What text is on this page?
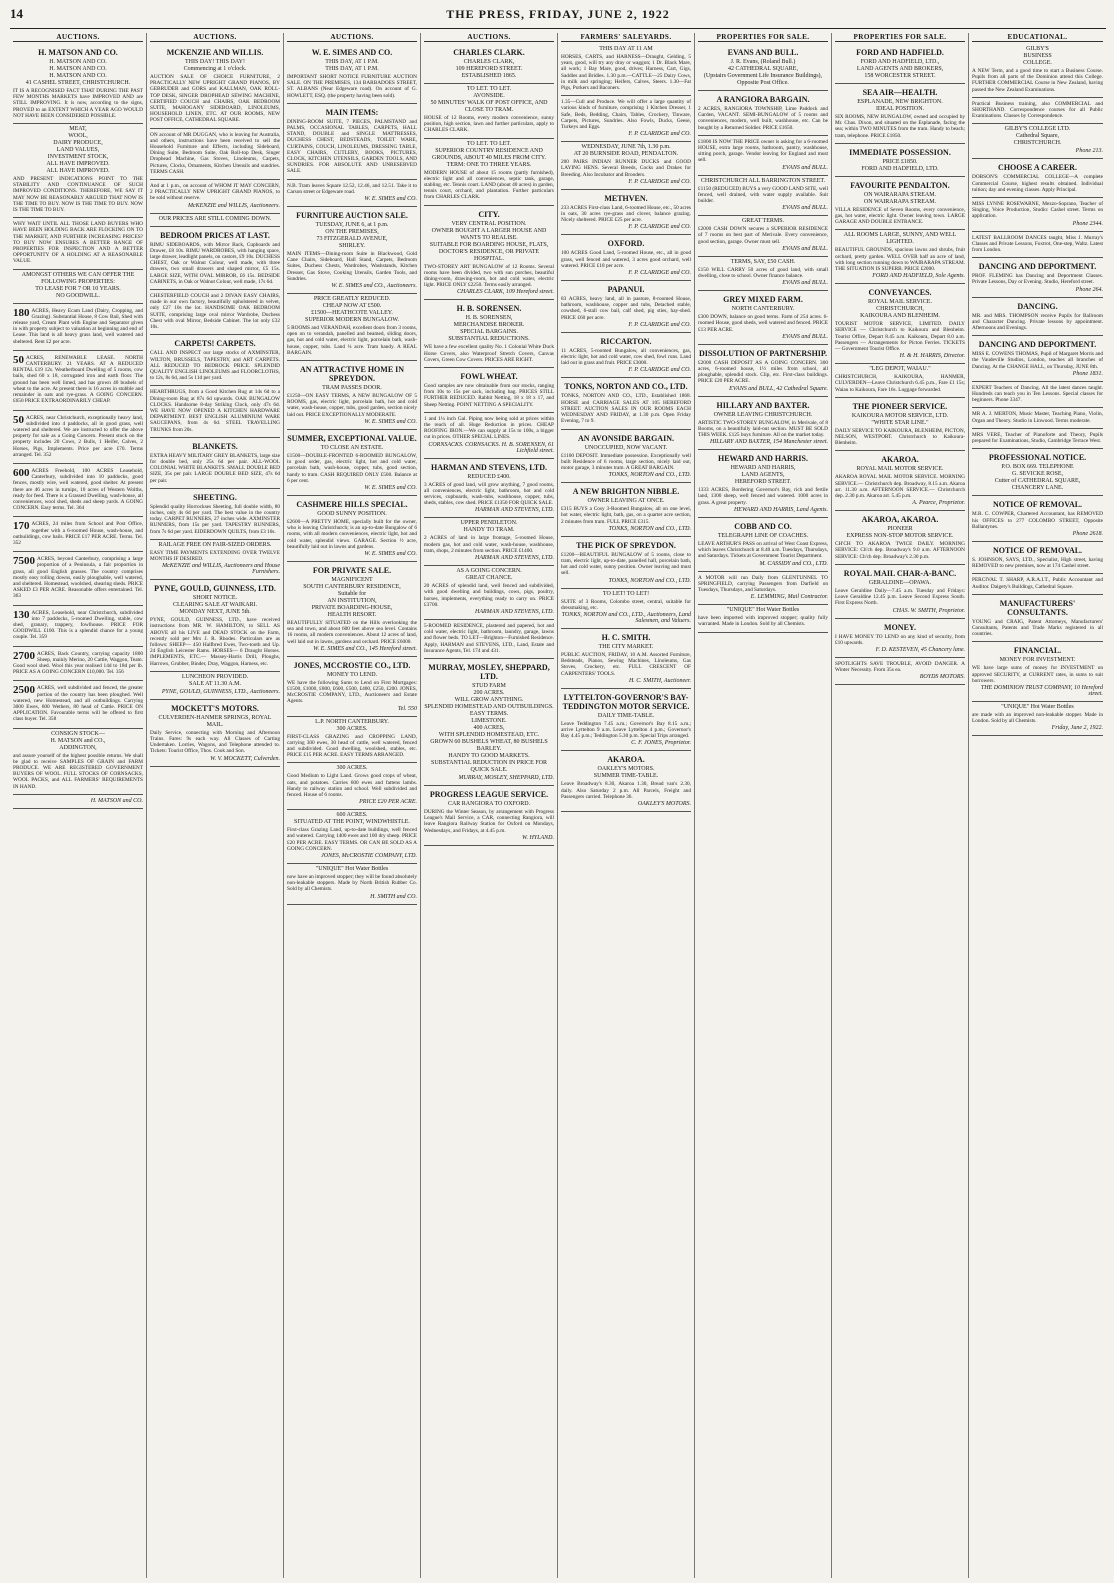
14	THE PRESS, FRIDAY, JUNE 2, 1922
AUCTIONS.
H. MATSON AND CO.
H. MATSON AND CO.
H. MATSON AND CO.
H. MATSON AND CO.
41 CASHEL STREET, CHRISTCHURCH.
IT IS A RECOGNISED FACT THAT DURING THE PAST FEW MONTHS MARKETS have IMPROVED AND are STILL IMPROVING. It is now, according to the signs, PROVED to an EXTENT WHICH A YEAR AGO WOULD NOT HAVE BEEN CONSIDERED POSSIBLE.
MEAT,
WOOL,
DAIRY PRODUCE,
LAND VALUES,
INVESTMENT STOCK,
ALL HAVE IMPROVED.
ALL HAVE IMPROVED.
AND PRESENT INDICATIONS POINT TO THE STABILITY AND CONTINUANCE OF SUCH IMPROVED CONDITIONS. THEREFORE, WE SAY IT MAY NOW BE REASONABLY ARGUED THAT NOW IS THE TIME TO BUY. NOW IS THE TIME TO BUY. NOW IS THE TIME TO BUY.
WHY WAIT UNTIL ALL THOSE LAND BUYERS WHO HAVE BEEN HOLDING BACK ARE FLOCKING ON TO THE MARKET, AND FURTHER INCREASING PRICES? TO BUY NOW ENSURES A BETTER RANGE OF PROPERTIES FOR INSPECTION AND A BETTER OPPORTUNITY OF A HOLDING AT A REASONABLE VALUE.
AMONGST OTHERS WE CAN OFFER THE FOLLOWING PROPERTIES:
TO LEASE FOR 7 OR 10 YEARS.
NO GOODWILL.
180 ACRES, Heavy Ecam Land (Dairy, Cropping, and Grazing). Substantial House, 8 Cow Bail, Shed with release yard, Cream Plant with Engine and Separator given in with property subject to valuation at beginning and end of Lease. This land is all heavy grass land, well watered and sheltered. Rent £2 per acre.
50 ACRES, RENEWABLE LEASE. NORTH CANTERBURY. 21 YEARS. AT A REDUCED RENTAL £19 12s. Weatherboard Dwelling of 5 rooms, cow bails, shed 60 x 18, corrugated iron and earth floor. The ground has been well limed, and has grown 40 bushels of wheat to the acre. At present there is 16 acres in stubble and remainder in oats and rye-grass. A GOING CONCERN. £650 PRICE EXTRAORDINARILY CHEAP.
50 ACRES, near Christchurch, exceptionally heavy land, subdivided into 4 paddocks, all in good grass, well watered and sheltered. We are instructed to offer the above property for sale as a Going Concern. Present stock on the property includes 20 Cows, 2 Bulls, 1 Heifer, Calves, 2 Horses, Pigs, Implements. Price per acre £70. Terms arranged. Tel. 352
600 ACRES Freehold, 100 ACRES Leasehold, Canterbury, subdivided into 10 paddocks, good fences, mostly wire, well watered, good shelter. At present there are 46 acres in turnips, 10 acres of Western Wolths, ready for feed. There is a Grassed Dwelling, wash-house, all conveniences, wool shed, sheds and sheep yards. A GOING CONCERN. Easy terms. Tel. 364
170 ACRES, 24 miles from School and Post Office, together with a 6-roomed House, wash-house, and outbuildings, cow bails. PRICE £17 PER ACRE. Terms. Tel. 352
7500 ACRES, beyond Canterbury, comprising a large proportion of a Peninsula, a fair proportion in grass, all good English grasses. The country comprises mostly easy rolling downs, easily ploughable, well watered, and sheltered. Homestead, woolshed, shearing sheds. PRICE ASKED £3 PER ACRE. Reasonable offers entertained. Tel. 363
130 ACRES, Leasehold, near Christchurch, subdivided into 7 paddocks, 5-roomed Dwelling, stable, cow shed, granary, trappery, fowlhouse. PRICE FOR GOODWILL £100. This is a splendid chance for a young couple. Tel. 359
2700 ACRES, Back Country, carrying capacity 1800 Sheep, mainly Merino, 20 Cattle, Waggon, Team. Good wool shed. Wool this year realised 14d to 18d per lb. PRICE AS A GOING CONCERN £10,000. Tel. 356
2500 ACRES, well subdivided and fenced, the greater portion of the country has been ploughed. Well watered, new Homestead, and all outbuildings. Carrying 3000 Ewes, 600 Wethers, 80 head of Cattle. PRICE ON APPLICATION. Favourable terms will be offered to first class buyer. Tel. 358
CONSIGN STOCK—
H. MATSON and CO.,
ADDINGTON,
and assure yourself of the highest possible returns. We shall be glad to receive SAMPLES OF GRAIN and FARM PRODUCE. WE ARE REGISTERED GOVERNMENT BUYERS OF WOOL. FULL STOCKS OF CORNSACKS, WOOL PACKS, and ALL FARMERS' REQUIREMENTS IN HAND.
H. MATSON and CO.
AUCTIONS.
MCKENZIE AND WILLIS.
THIS DAY! THIS DAY!
Commencing at 1 o'clock.
AUCTION SALE OF CHOICE FURNITURE, 2 PRACTICALLY NEW UPRIGHT GRAND PIANOS, BY GEBRUDER and GORS and KALLMAN, OAK ROLL-TOP DESK, SINGER DROPHEAD SEWING MACHINE, CERTIFIED COUCH and CHAIRS, OAK BEDROOM SUITE, MAHOGANY SIDEBOARD, LINOLEUMS, HOUSEHOLD LINEN, ETC. AT OUR ROOMS, NEW POST OFFICE, CATHEDRAL SQUARE.
ON account of MR DUGGAN, who is leaving for Australia, and others, instructions have been received to sell the Household Furniture and Effects, including Sideboard, Dining Suite, Bedroom Suite, Oak Roll-top Desk, Singer Drophead Machine, Gas Stoves, Linoleums, Carpets, Pictures, Clocks, Ornaments, Kitchen Utensils and sundries. TERMS CASH.
And at 1 p.m., on account of WHOM IT MAY CONCERN, 2 PRACTICALLY NEW UPRIGHT GRAND PIANOS, to be sold without reserve.
McKENZIE and WILLIS, Auctioneers.
OUR PRICES ARE STILL COMING DOWN.
BEDROOM PRICES AT LAST.
RIMU SIDEBOARDS, with Mirror Back, Cupboards and Drawer, £8 10s. RIMU WARDROBES, with hanging space, large drawer, leadlight panels, on castors, £9 10s. DUCHESS CHEST, Oak or Walnut Colour, well made, with three drawers, two small drawers and shaped mirror, £5 15s. LARGE SIZE, WITH OVAL MIRROR, £6 15s. BEDSIDE CABINETS, in Oak or Walnut Colour, well made, 17s 6d.
CHESTERFIELD COUCH and 2 DIVAN EASY CHAIRS, made in our own factory, beautifully upholstered in velvet, only £27 10s the lot. HANDSOME OAK BEDROOM SUITE, comprising large oval mirror Wardrobe, Duchess Chest with oval Mirror, Bedside Cabinet. The lot only £32 10s.
CARPETS! CARPETS.
CALL AND INSPECT our large stocks of AXMINSTER, WILTON, BRUSSELS, TAPESTRY, and ART CARPETS. ALL REDUCED TO BEDROCK PRICE. SPLENDID QUALITY ENGLISH LINOLEUMS and FLOORCLOTHS, to 12s, 8s 6d, and 5s 11d per yard.
HEARTHRUGS, from a Good Kitchen Rug at 14s 6d to a Dining-room Rug at 87s 6d upwards. OAK BUNGALOW CLOCKS. Handsome 8-day Striking Clock, only 47s 6d. WE HAVE NOW OPENED A KITCHEN HARDWARE DEPARTMENT. BEST ENGLISH ALUMINIUM WARE SAUCEPANS, from 4s 6d. STEEL TRAVELLING TRUNKS from 20s.
BLANKETS.
EXTRA HEAVY MILITARY GREY BLANKETS, large size for double bed, only 25s 6d per pair. ALL-WOOL COLONIAL WHITE BLANKETS. SMALL DOUBLE BED SIZE, 35s per pair. LARGE DOUBLE BED SIZE, 47s 6d per pair.
SHEETING.
Splendid quality Horrockses Sheeting, full double width, 80 inches, only 4s 6d per yard. The best value in the country today. CARPET RUNNERS, 27 inches wide. AXMINSTER RUNNERS, from 15s per yard. TAPESTRY RUNNERS, from 7s 6d per yard. EIDERDOWN QUILTS, from £3 10s.
RAILAGE FREE ON FAIR-SIZED ORDERS.
EASY TIME PAYMENTS EXTENDING OVER TWELVE MONTHS IF DESIRED.
McKENZIE and WILLIS, Auctioneers and House Furnishers.
PYNE, GOULD, GUINNESS, LTD.
SHORT NOTICE.
CLEARING SALE AT WAIKARI.
MONDAY NEXT, JUNE 5th.
PYNE, GOULD, GUINNESS, LTD., have received instructions from MR. W. HAMILTON, to SELL AS ABOVE all his LIVE and DEAD STOCK on the Farm, recently sold per Mrs J. R. Rhodes. Particulars are as follows: SHEEP— 450 Halfbred Ewes, Two-tooth and Up. 24 English Leicester Rams. HORSES— 6 Draught Horses. IMPLEMENTS, ETC.— Massey-Harris Drill, Ploughs, Harrows, Grubber, Binder, Dray, Waggon, Harness, etc.
LUNCHEON PROVIDED.
SALE AT 11.30 A.M.
PYNE, GOULD, GUINNESS, LTD., Auctioneers.
MOCKETT'S MOTORS.
CULVERDEN-HANMER SPRINGS, ROYAL MAIL.
Daily Service, connecting with Morning and Afternoon Trains. Fares: 9s each way. All Classes of Carting Undertaken. Lorries, Wagons, and Telephone attended to. Tickets: Tourist Office, Thos. Cook and Son.
W. V. MOCKETT, Culverden.
AUCTIONS.
W. E. SIMES AND CO.
THIS DAY, AT 1 P.M.
THIS DAY, AT 1 P.M.
IMPORTANT SHORT NOTICE FURNITURE AUCTION SALE. ON THE PREMISES, 134 BARBADOES STREET, ST. ALBANS (Near Edgeware road). On account of G. HOWLETT, ESQ. (the property having been sold).
MAIN ITEMS:
DINING-ROOM SUITE, 7 PIECES, PALMSTAND and PALMS, OCCASIONAL TABLES, CARPETS, HALL STAND, DOUBLE and SINGLE MATTRESSES, DUCHESS CHEST, BEDSTEADS, TOILET WARE, CURTAINS, COUCH, LINOLEUMS, DRESSING TABLE, EASY CHAIRS, CUTLERY, BOOKS, PICTURES, CLOCK, KITCHEN UTENSILS, GARDEN TOOLS, AND SUNDRIES. FOR ABSOLUTE AND UNRESERVED SALE.
N.B. Tram leaves Square 12.52, 12.46, and 12.51. Take it to Carson street or Edgeware road.
W. E. SIMES and CO.
FURNITURE AUCTION SALE.
TUESDAY, JUNE 6, at 1 p.m.
ON THE PREMISES,
73 FITZGERALD AVENUE,
SHIRLEY.
MAIN ITEMS—Dining-room Suite in Blackwood, Gold Cane Chairs, Sideboard, Hall Stand, Carpets, Bedroom Suites, Duchess Chests, Wardrobes, Washstands, Kitchen Dresser, Gas Stove, Cooking Utensils, Garden Tools, and Sundries.
W. E. SIMES and CO., Auctioneers.
PRICE GREATLY REDUCED.
CHEAP NOW AT £500.
£1500—HEATHCOTE VALLEY.
SUPERIOR MODERN BUNGALOW.
5 ROOMS and VERANDAH, excellent doors from 3 rooms, open on to verandah, panelled and beamed, sliding doors, gas, hot and cold water, electric light, porcelain bath, wash-house, copper, tubs. Land ¼ acre. Tram handy. A REAL BARGAIN.
AN ATTRACTIVE HOME IN SPREYDON.
TRAM PASSES DOOR.
£1250—ON EASY TERMS, A NEW BUNGALOW OF 5 ROOMS, gas, electric light, porcelain bath, hot and cold water, wash-house, copper, tubs, good garden, section nicely laid out. PRICE EXCEPTIONALLY MODERATE.
W. E. SIMES and CO.
SUMMER, EXCEPTIONAL VALUE.
TO CLOSE AN ESTATE.
£1500—DOUBLE-FRONTED 6-ROOMED BUNGALOW, in good order, gas, electric light, hot and cold water, porcelain bath, wash-house, copper, tubs, good section, handy to tram. CASH REQUIRED ONLY £500. Balance at 6 per cent.
W. E. SIMES and CO.
CASHMERE HILLS SPECIAL.
GOOD SUNNY POSITION.
£2600—A PRETTY HOME, specially built for the owner, who is leaving Christchurch; is an up-to-date Bungalow of 6 rooms, with all modern conveniences, electric light, hot and cold water, splendid views. GARAGE. Section ½ acre, beautifully laid out in lawns and gardens.
W. E. SIMES and CO.
FOR PRIVATE SALE.
MAGNIFICENT
SOUTH CANTERBURY RESIDENCE,
Suitable for
AN INSTITUTION,
PRIVATE BOARDING-HOUSE,
HEALTH RESORT.
BEAUTIFULLY SITUATED on the Hills overlooking the sea and town, and about 600 feet above sea level. Contains 16 rooms, all modern conveniences. About 12 acres of land, well laid out in lawns, gardens and orchard. PRICE £6000.
W. E. SIMES and CO., 145 Hereford street.
JONES, MCCROSTIE CO., LTD.
MONEY TO LEND.
WE have the following Sums to Lend on First Mortgages: £1500, £1000, £800, £600, £500, £400, £250, £200. JONES, McCROSTIE COMPANY, LTD., Auctioneers and Estate Agents.
Tel. 550
L.P. NORTH CANTERBURY.
300 ACRES.
FIRST-CLASS GRAZING and CROPPING LAND, carrying 300 ewes, 30 head of cattle, well watered, fenced and subdivided. Good dwelling, woolshed, stables, etc. PRICE £15 PER ACRE. EASY TERMS ARRANGED.
300 ACRES.
Good Medium to Light Land. Grows good crops of wheat, oats, and potatoes. Carries 600 ewes and fattens lambs. Handy to railway station and school. Well subdivided and fenced. House of 6 rooms.
PRICE £20 PER ACRE.
600 ACRES.
SITUATED AT THE POINT, WINDWHISTLE.
First-class Grazing Land, up-to-date buildings, well fenced and watered. Carrying 1400 ewes and 100 dry sheep. PRICE £20 PER ACRE. EASY TERMS. OR CAN BE SOLD AS A GOING CONCERN.
JONES, McCROSTIE COMPANY, LTD.
"UNIQUE" Hot Water Bottles
now have an improved stopper; they will be found absolutely non-leakable stoppers. Made by North British Rubber Co. Sold by all Chemists.
H. SMITH and CO.
AUCTIONS.
CHARLES CLARK.
CHARLES CLARK,
109 HEREFORD STREET.
ESTABLISHED 1865.
TO LET. TO LET.
AVONSIDE.
50 MINUTES' WALK OF POST OFFICE, AND CLOSE TO TRAM.
HOUSE of 12 Rooms, every modern convenience, sunny position, high section, lawn and further particulars, apply to CHARLES CLARK.
TO LET. TO LET.
SUPERIOR COUNTRY RESIDENCE AND GROUNDS, ABOUT 40 MILES FROM CITY.
TERM: ONE TO THREE YEARS.
MODERN HOUSE of about 15 rooms (partly furnished), electric light and all conveniences, septic tank, garage, stabling, etc. Tennis court. LAND (about 40 acres) in garden, tennis court, orchard, and plantation. Further particulars from CHARLES CLARK.
CITY.
VERY CENTRAL POSITION.
OWNER BOUGHT A LARGER HOUSE AND WANTS TO REALISE.
SUITABLE FOR BOARDING HOUSE, FLATS, DOCTOR'S RESIDENCE, OR PRIVATE HOSPITAL.
TWO-STOREY ART BUNGALOW of 12 Rooms. Several rooms have been divided, two with sun porches, beautiful dining-room, drawing-room, hot and cold water, electric light. PRICE ONLY £2250. Terms easily arranged.
CHARLES CLARK, 109 Hereford street.
H. B. SORENSEN.
H. B. SORENSEN,
MERCHANDISE BROKER.
SPECIAL BARGAINS.
SUBSTANTIAL REDUCTIONS.
WE have a few excellent quality No. 1 Colonial White Duck Horse Covers, also Waterproof Stretch Covers, Canvas Covers, Green Cow Covers. PRICES ARE RIGHT.
FOWL WHEAT.
Good samples are now obtainable from our stocks, ranging from 10s to 15s per sack, including bag. PRICES STILL FURTHER REDUCED. Rabbit Netting, 18 x 18 x 17, and Sheep Netting. POINT NETTING A SPECIALITY.
1 and 1¼ inch Gal. Piping now being sold at prices within the reach of all. Huge Reduction in prices. CHEAP ROOFING IRON.—We can supply at 15s to 100s, a bigger cut in prices. OTHER SPECIAL LINES.
CORNSACKS. CORNSACKS. H. B. SORENSEN, 61 Lichfield street.
HARMAN AND STEVENS, LTD.
REDUCED £400.
3 ACRES of good land, will grow anything, 7 good rooms, all conveniences, electric light, bathroom, hot and cold services, cupboards, wash-tubs, washhouse, copper, tubs, sheds, stables, cow shed. PRICE £1350 FOR QUICK SALE.
HARMAN AND STEVENS, LTD.
UPPER PENDLETON.
HANDY TO TRAM.
2 ACRES of land in large frontage, 5-roomed House, modern gas, hot and cold water, wash-house, washhouse, tram, shops, 2 minutes from section. PRICE £1400.
HARMAN AND STEVENS, LTD.
AS A GOING CONCERN.
GREAT CHANCE.
20 ACRES of splendid land, well fenced and subdivided, with good dwelling and buildings, cows, pigs, poultry, horses, implements, everything ready to carry on. PRICE £3700.
HARMAN AND STEVENS, LTD.
5-ROOMED RESIDENCE, plastered and papered, hot and cold water, electric light, bathroom, laundry, garage, lawns and flower beds. TO LET—Brighton—Furnished Residence. Apply, HARMAN and STEVENS, LTD., Land, Estate and Insurance Agents, Tel. 174 and 431.
MURRAY, MOSLEY, SHEPPARD, LTD.
STUD FARM
200 ACRES.
WILL GROW ANYTHING.
SPLENDID HOMESTEAD AND OUTBUILDINGS.
EASY TERMS.
LIMESTONE.
400 ACRES,
WITH SPLENDID HOMESTEAD, ETC.
GROWN 60 BUSHELS WHEAT, 80 BUSHELS BARLEY.
HANDY TO GOOD MARKETS.
SUBSTANTIAL REDUCTION IN PRICE FOR QUICK SALE.
MURRAY, MOSLEY, SHEPPARD, LTD.
PROGRESS LEAGUE SERVICE.
CAR RANGIORA TO OXFORD.
DURING the Winter Season, by arrangement with Progress League's Mail Service, a CAR, connecting Rangiora, will leave Rangiora Railway Station for Oxford on Mondays, Wednesdays, and Fridays, at 4.45 p.m.
W. HYLAND.
FARMERS' SALEYARDS.
THIS DAY AT 11 AM
HORSES, CARTS, and HARNESS—Draught, Gelding, 5 years, good, will try any dray or waggon; 1 Dr. Black Mare, all work; 1 Bay Mare, good, drives; Harness, Cart, Gigs, Saddles and Bridles. 1.30 p.m.—CATTLE—25 Dairy Cows, in milk and springing; Heifers, Calves, Steers. 1.30—Fat Pigs, Porkers and Baconers.
1.35—Cull and Produce. We will offer a large quantity of various kinds of furniture, comprising 1 Kitchen Dresser, 1 Safe, Beds, Bedding, Chairs, Tables, Crockery, Tinware, Carpets, Pictures, Sundries. Also Fowls, Ducks, Geese, Turkeys and Eggs.
F. P. CLARIDGE and CO.
WEDNESDAY, JUNE 7th, 1.30 p.m.
AT 20 BURNSIDE ROAD, PENDALTON.
200 PAIRS INDIAN RUNNER DUCKS and GOOD LAYING HENS. Several Breeds, Cocks and Drakes for Breeding. Also Incubator and Brooders.
F. P. CLARIDGE and CO.
METHVEN.
233 ACRES First-class Land, 6-roomed House, etc., 50 acres in oats, 30 acres rye-grass and clover, balance grazing. Nicely sheltered. PRICE £25 per acre.
F. P. CLARIDGE and CO.
OXFORD.
100 ACRES Good Land, 5-roomed House, etc., all in good grass, well fenced and watered, 3 acres good orchard, well watered. PRICE £18 per acre.
F. P. CLARIDGE and CO.
PAPANUI.
83 ACRES, heavy land, all in pasture, 8-roomed House, bathroom, washhouse, copper and tubs, Detached stable, cowshed, 6-stall cow bail, calf shed, pig sties, hay-shed. PRICE £60 per acre.
F. P. CLARIDGE and CO.
RICCARTON.
11 ACRES, 5-roomed Bungalow, all conveniences, gas, electric light, hot and cold water, cow shed, fowl runs. Land laid out in grass and fruit. PRICE £3000.
F. P. CLARIDGE and CO.
TONKS, NORTON AND CO., LTD.
TONKS, NORTON AND CO., LTD., Established 1868. HORSE and CARRIAGE SALES AT 105 HEREFORD STREET. AUCTION SALES IN OUR ROOMS EACH WEDNESDAY AND FRIDAY, at 1.30 p.m. Open Friday Evening, 7 to 9.
AN AVONSIDE BARGAIN.
UNOCCUPIED, NOW VACANT.
£1100 DEPOSIT. Immediate possession. Exceptionally well built Residence of 6 rooms, large section, nicely laid out, motor garage, 3 minutes tram. A GREAT BARGAIN.
TONKS, NORTON and CO., LTD.
A NEW BRIGHTON NIBBLE.
OWNER LEAVING AT ONCE.
£315 BUYS a Cosy 3-Roomed Bungalow, all on one level, hot water, electric light, bath, gas, on a quarter acre section, 2 minutes from tram. FULL PRICE £315.
TONKS, NORTON and CO., LTD.
THE PICK OF SPREYDON.
£1200—BEAUTIFUL BUNGALOW of 5 rooms, close to tram, electric light, up-to-date, panelled hall, porcelain bath, hot and cold water, sunny position. Owner leaving and must sell.
TONKS, NORTON and CO., LTD.
TO LET! TO LET!
SUITE of 3 Rooms, Colombo street, central, suitable for dressmaking, etc.
TONKS, NORTON and CO., LTD., Auctioneers, Land Salesmen, and Valuers.
H. C. SMITH.
THE CITY MARKET.
PUBLIC AUCTION, FRIDAY, 10 A.M. Assorted Furniture, Bedsteads, Pianos, Sewing Machines, Linoleums, Gas Stoves, Crockery, etc. FULL CRESCENT OF CARPENTERS' TOOLS.
H. C. SMITH, Auctioneer.
LYTTELTON-GOVERNOR'S BAY-TEDDINGTON MOTOR SERVICE.
DAILY TIME-TABLE.
Leave Teddington 7.45 a.m.; Governor's Bay 8.15 a.m.; arrive Lyttelton 9 a.m. Leave Lyttelton 4 p.m.; Governor's Bay 4.45 p.m.; Teddington 5.30 p.m. Special Trips arranged.
C. F. JONES, Proprietor.
AKAROA.
OAKLEY'S MOTORS.
SUMMER TIME-TABLE.
Leave Broadway's 8.30, Akaroa 1.30, Bread van's 2.30, daily. Also Saturday 2 p.m. All Parcels, Freight and Passengers carried. Telephone 36.
OAKLEY'S MOTORS.
PROPERTIES FOR SALE.
EVANS AND BULL.
J. R. Evans, (Roland Bull.)
42 CATHEDRAL SQUARE,
(Upstairs Government Life Insurance Buildings),
Opposite Post Office.
A RANGIORA BARGAIN.
2 ACRES, RANGIORA TOWNSHIP, Lime Paddock and Garden, VACANT. SEMI-BUNGALOW of 5 rooms and conveniences, modern, well built, washhouse, etc. Can be bought by a Returned Soldier. PRICE £1650.
£1800 IS NOW THE PRICE owner is asking for a 6-roomed HOUSE, extra large rooms, bathroom, pantry, washhouse, sitting porch, garage. Vendor leaving for England and must sell.
EVANS and BULL.
CHRISTCHURCH ALL BARRINGTON STREET.
£1150 (REDUCED) BUYS a very GOOD LAND SITE, well fenced, well drained, with water supply available. Suit builder.
EVANS and BULL.
GREAT TERMS.
£2000 CASH DOWN secures a SUPERIOR RESIDENCE of 7 rooms on best part of Merivale. Every convenience, good section, garage. Owner must sell.
EVANS and BULL.
TERMS, SAY, £50 CASH.
£150 WILL CARRY 50 acres of good land, with small dwelling, close to school. Owner finance balance.
EVANS and BULL.
GREY MIXED FARM.
NORTH CANTERBURY.
£300 DOWN, balance on good terms. Farm of 254 acres. 6-roomed House, good sheds, well watered and fenced. PRICE £13 PER ACRE.
EVANS and BULL.
DISSOLUTION OF PARTNERSHIP.
£2000 CASH DEPOSIT AS A GOING CONCERN. 300 acres, 6-roomed house, 1½ miles from school, all ploughable, splendid stock. Clip, etc. First-class buildings. PRICE £20 PER ACRE.
EVANS and BULL, 42 Cathedral Square.
HILLARY AND BAXTER.
OWNER LEAVING CHRISTCHURCH.
ARTISTIC TWO-STOREY BUNGALOW, in Merivale, of 8 Rooms, on a beautifully laid-out section. MUST BE SOLD THIS WEEK. £125 buys furniture. All on the market today.
HILLARY AND BAXTER, 154 Manchester street.
HEWARD AND HARRIS.
HEWARD AND HARRIS,
LAND AGENTS,
HEREFORD STREET.
1333 ACRES, Bordering Governor's Bay, rich and fertile land, 1300 sheep, well fenced and watered. 1000 acres in grass. A great property.
HEWARD AND HARRIS, Land Agents.
COBB AND CO.
TELEGRAPH LINE OF COACHES.
LEAVE ARTHUR'S PASS on arrival of West Coast Express, which leaves Christchurch at 8.40 a.m. Tuesdays, Thursdays, and Saturdays. Tickets at Government Tourist Department.
M. CASSIDY and CO., LTD.
A MOTOR will run Daily from GLENTUNNEL TO SPRINGFIELD, carrying Passengers from Darfield on Tuesdays, Thursdays, and Saturdays.
E. LEMMING, Mail Contractor.
"UNIQUE" Hot Water Bottles
have been imported with improved stopper; quality fully warranted. Made in London. Sold by all Chemists.
PROPERTIES FOR SALE.
FORD AND HADFIELD.
FORD AND HADFIELD, LTD.,
LAND AGENTS AND BROKERS,
158 WORCESTER STREET.
SEA AIR—HEALTH.
ESPLANADE, NEW BRIGHTON.
IDEAL POSITION.
SIX ROOMS, NEW BUNGALOW, owned and occupied by Mr. Chas. Dixon, and situated on the Esplanade, facing the sea; within TWO MINUTES from the tram. Handy to beach; tram, telephone. PRICE £1850.
IMMEDIATE POSSESSION.
PRICE £1850.
FORD AND HADFIELD, LTD.
FAVOURITE PENDALTON.
ON WAIRARAPA STREAM.
ON WAIRARAPA STREAM.
VILLA RESIDENCE of Seven Rooms, every convenience, gas, hot water, electric light. Owner leaving town. LARGE GARAGE AND DOUBLE ENTRANCE.
ALL ROOMS LARGE, SUNNY, AND WELL LIGHTED.
BEAUTIFUL GROUNDS, spacious lawns and shrubs, fruit orchard, pretty garden. WELL OVER half an acre of land, with long section running down to WAIRARAPA STREAM. THE SITUATION IS SUPERB. PRICE £2000.
FORD AND HADFIELD, Sole Agents.
CONVEYANCES.
ROYAL MAIL SERVICE.
CHRISTCHURCH,
KAIKOURA AND BLENHEIM.
TOURIST MOTOR SERVICE, LIMITED. DAILY SERVICE — Christchurch to Kaikoura and Blenheim. Tourist Office, Depart 8.45 a.m. Kaikoura, Depart 8.0 a.m. Passengers — Arrangements for Picton Ferries. TICKETS — Government Tourist Office.
H. & H. HARRIS, Director.
"LEG DEPOT, WAIAU."
CHRISTCHURCH, KAIKOURA, HANMER, CULVERDEN—Leave Christchurch 6.45 p.m., Fare £1 15s; Waiau to Kaikoura, Fare 16s. Luggage forwarded.
THE PIONEER SERVICE.
KAIKOURA MOTOR SERVICE, LTD.
"WHITE STAR LINE."
DAILY SERVICE TO KAIKOURA, BLENHEIM, PICTON, NELSON, WESTPORT. Christchurch to Kaikoura-Blenheim.
AKAROA.
ROYAL MAIL MOTOR SERVICE.
AKAROA ROYAL MAIL MOTOR SERVICE. MORNING SERVICE.— Christchurch dep. Broadway, 8.15 a.m. Akaroa arr. 11.30 a.m. AFTERNOON SERVICE.— Christchurch dep. 2.30 p.m. Akaroa arr. 5.45 p.m.
A. Pearce, Proprietor.
AKAROA, AKAROA.
PIONEER
EXPRESS NON-STOP MOTOR SERVICE.
CH'CH TO AKAROA TWICE DAILY. MORNING SERVICE: Ch'ch dep. Broadway's 9.0 a.m. AFTERNOON SERVICE: Ch'ch dep. Broadway's 2.30 p.m.
ROYAL MAIL CHAR-A-BANC.
GERALDINE—OPAWA.
Leave Geraldine Daily—7.45 a.m. Tuesday and Fridays: Leave Geraldine 12.45 p.m. Leave Second Express South. First Express North.
CHAS. W. SMITH, Proprietor.
MONEY.
I HAVE MONEY TO LEND on any kind of security, from £10 upwards.
F. D. KESTEVEN, 45 Chancery lane.
SPOTLIGHTS SAVE TROUBLE, AVOID DANGER. A Winter Necessity. From 35s ea.
BOYDS MOTORS.
EDUCATIONAL.
GILBY'S
BUSINESS
COLLEGE.
A NEW Term, and a good time to start a Business Course. Pupils from all parts of the Dominion attend this College. FURTHER COMMERCIAL Course in New Zealand, having passed the New Zealand Examinations.
Practical Business training, also COMMERCIAL and SHORTHAND. Correspondence courses for all Public Examinations. Classes by Correspondence.
GILBY'S COLLEGE LTD.
Cathedral Square,
CHRISTCHURCH.
Phone 213.
CHOOSE A CAREER.
DOBSON'S COMMERCIAL COLLEGE—A complete Commercial Course, highest results obtained. Individual tuition; day and evening classes. Apply Principal.
MISS LYNNE ROSEWARNE, Mezzo-Soprano, Teacher of Singing, Voice Production, Studio: Cashel street. Terms on application.
Phone 2344.
LATEST BALLROOM DANCES taught, Miss J. Murray's Classes and Private Lessons, Foxtrot, One-step, Waltz. Latest from London.
DANCING AND DEPORTMENT.
PROF. FLEMING has Dancing and Deportment Classes. Private Lessons, Day or Evening. Studio, Hereford street.
Phone 264.
DANCING.
MR. and MRS. THOMPSON receive Pupils for Ballroom and Character Dancing. Private lessons by appointment. Afternoons and Evenings.
DANCING AND DEPORTMENT.
MISS E. COWENS THOMAS, Pupil of Margaret Morris and the Vaudeville Studios, London, teaches all branches of Dancing. At the CHANGE HALL, on Thursday, JUNE 8th.
Phone 1831.
EXPERT Teachers of Dancing. All the latest dances taught. Hundreds can teach you in Ten Lessons. Special classes for beginners. Phone 3347.
MR A. J. MERTON, Music Master, Teaching Piano, Violin, Organ and Theory. Studio in Linwood. Terms moderate.
MRS VERE, Teacher of Pianoforte and Theory, Pupils prepared for Examinations, Studio, Cambridge Terrace West.
PROFESSIONAL NOTICE.
P.O. BOX 669. TELEPHONE
G. SEVICKE ROSE,
Cutter of CATHEDRAL SQUARE,
CHANCERY LANE.
NOTICE OF REMOVAL.
M.R. C. COWPER, Chartered Accountant, has REMOVED his OFFICES to 277 COLOMBO STREET, Opposite Ballantynes.
Phone 2618.
NOTICE OF REMOVAL.
S. JOHNSON, SAYS, LTD., Specialist, High street, having REMOVED to new premises, now at 174 Cashel street.
PERCIVAL T. SHARP, A.R.A.I.T., Public Accountant and Auditor. Daigety's Buildings, Cathedral Square.
MANUFACTURERS' CONSULTANTS.
YOUNG and CRAIG, Patent Attorneys, Manufacturers' Consultants, Patents and Trade Marks registered in all countries.
FINANCIAL.
MONEY FOR INVESTMENT.
WE have large sums of money for INVESTMENT on approved SECURITY, at CURRENT rates, in sums to suit borrowers.
THE DOMINION TRUST COMPANY, 10 Hereford street.
"UNIQUE" Hot Water Bottles
are made with an improved non-leakable stopper. Made in London. Sold by all Chemists.
Friday, June 2, 1922.
